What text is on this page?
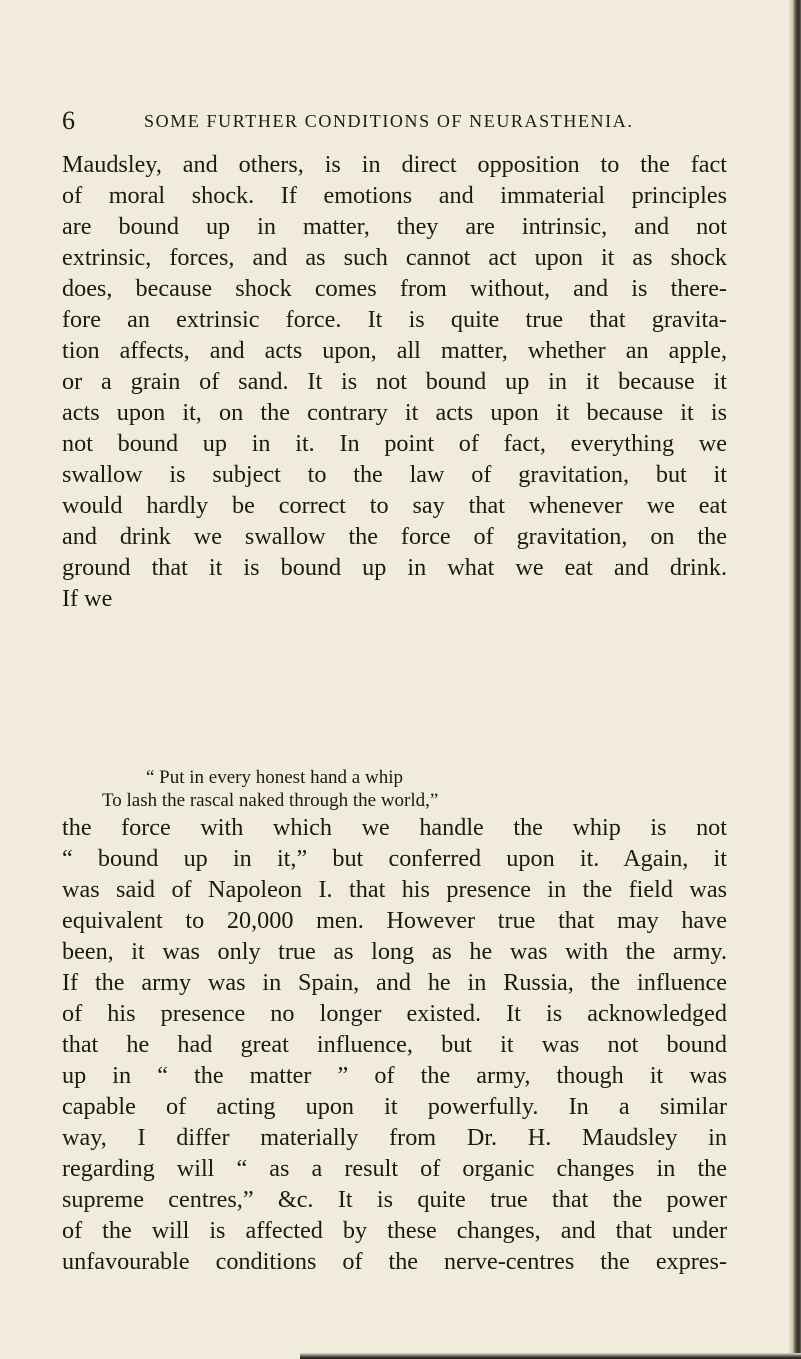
6	SOME FURTHER CONDITIONS OF NEURASTHENIA.
Maudsley, and others, is in direct opposition to the fact
of moral shock. If emotions and immaterial principles
are bound up in matter, they are intrinsic, and not
extrinsic, forces, and as such cannot act upon it as shock
does, because shock comes from without, and is there-
fore an extrinsic force. It is quite true that gravita-
tion affects, and acts upon, all matter, whether an apple,
or a grain of sand. It is not bound up in it because it
acts upon it, on the contrary it acts upon it because it is
not bound up in it. In point of fact, everything we
swallow is subject to the law of gravitation, but it
would hardly be correct to say that whenever we eat
and drink we swallow the force of gravitation, on the
ground that it is bound up in what we eat and drink.
If we
“ Put in every honest hand a whip
To lash the rascal naked through the world,”
the force with which we handle the whip is not
“ bound up in it,” but conferred upon it. Again, it
was said of Napoleon I. that his presence in the field was
equivalent to 20,000 men. However true that may have
been, it was only true as long as he was with the army.
If the army was in Spain, and he in Russia, the influence
of his presence no longer existed. It is acknowledged
that he had great influence, but it was not bound
up in “ the matter ” of the army, though it was
capable of acting upon it powerfully. In a similar
way, I differ materially from Dr. H. Maudsley in
regarding will “ as a result of organic changes in the
supreme centres,” &c. It is quite true that the power
of the will is affected by these changes, and that under
unfavourable conditions of the nerve-centres the expres-
